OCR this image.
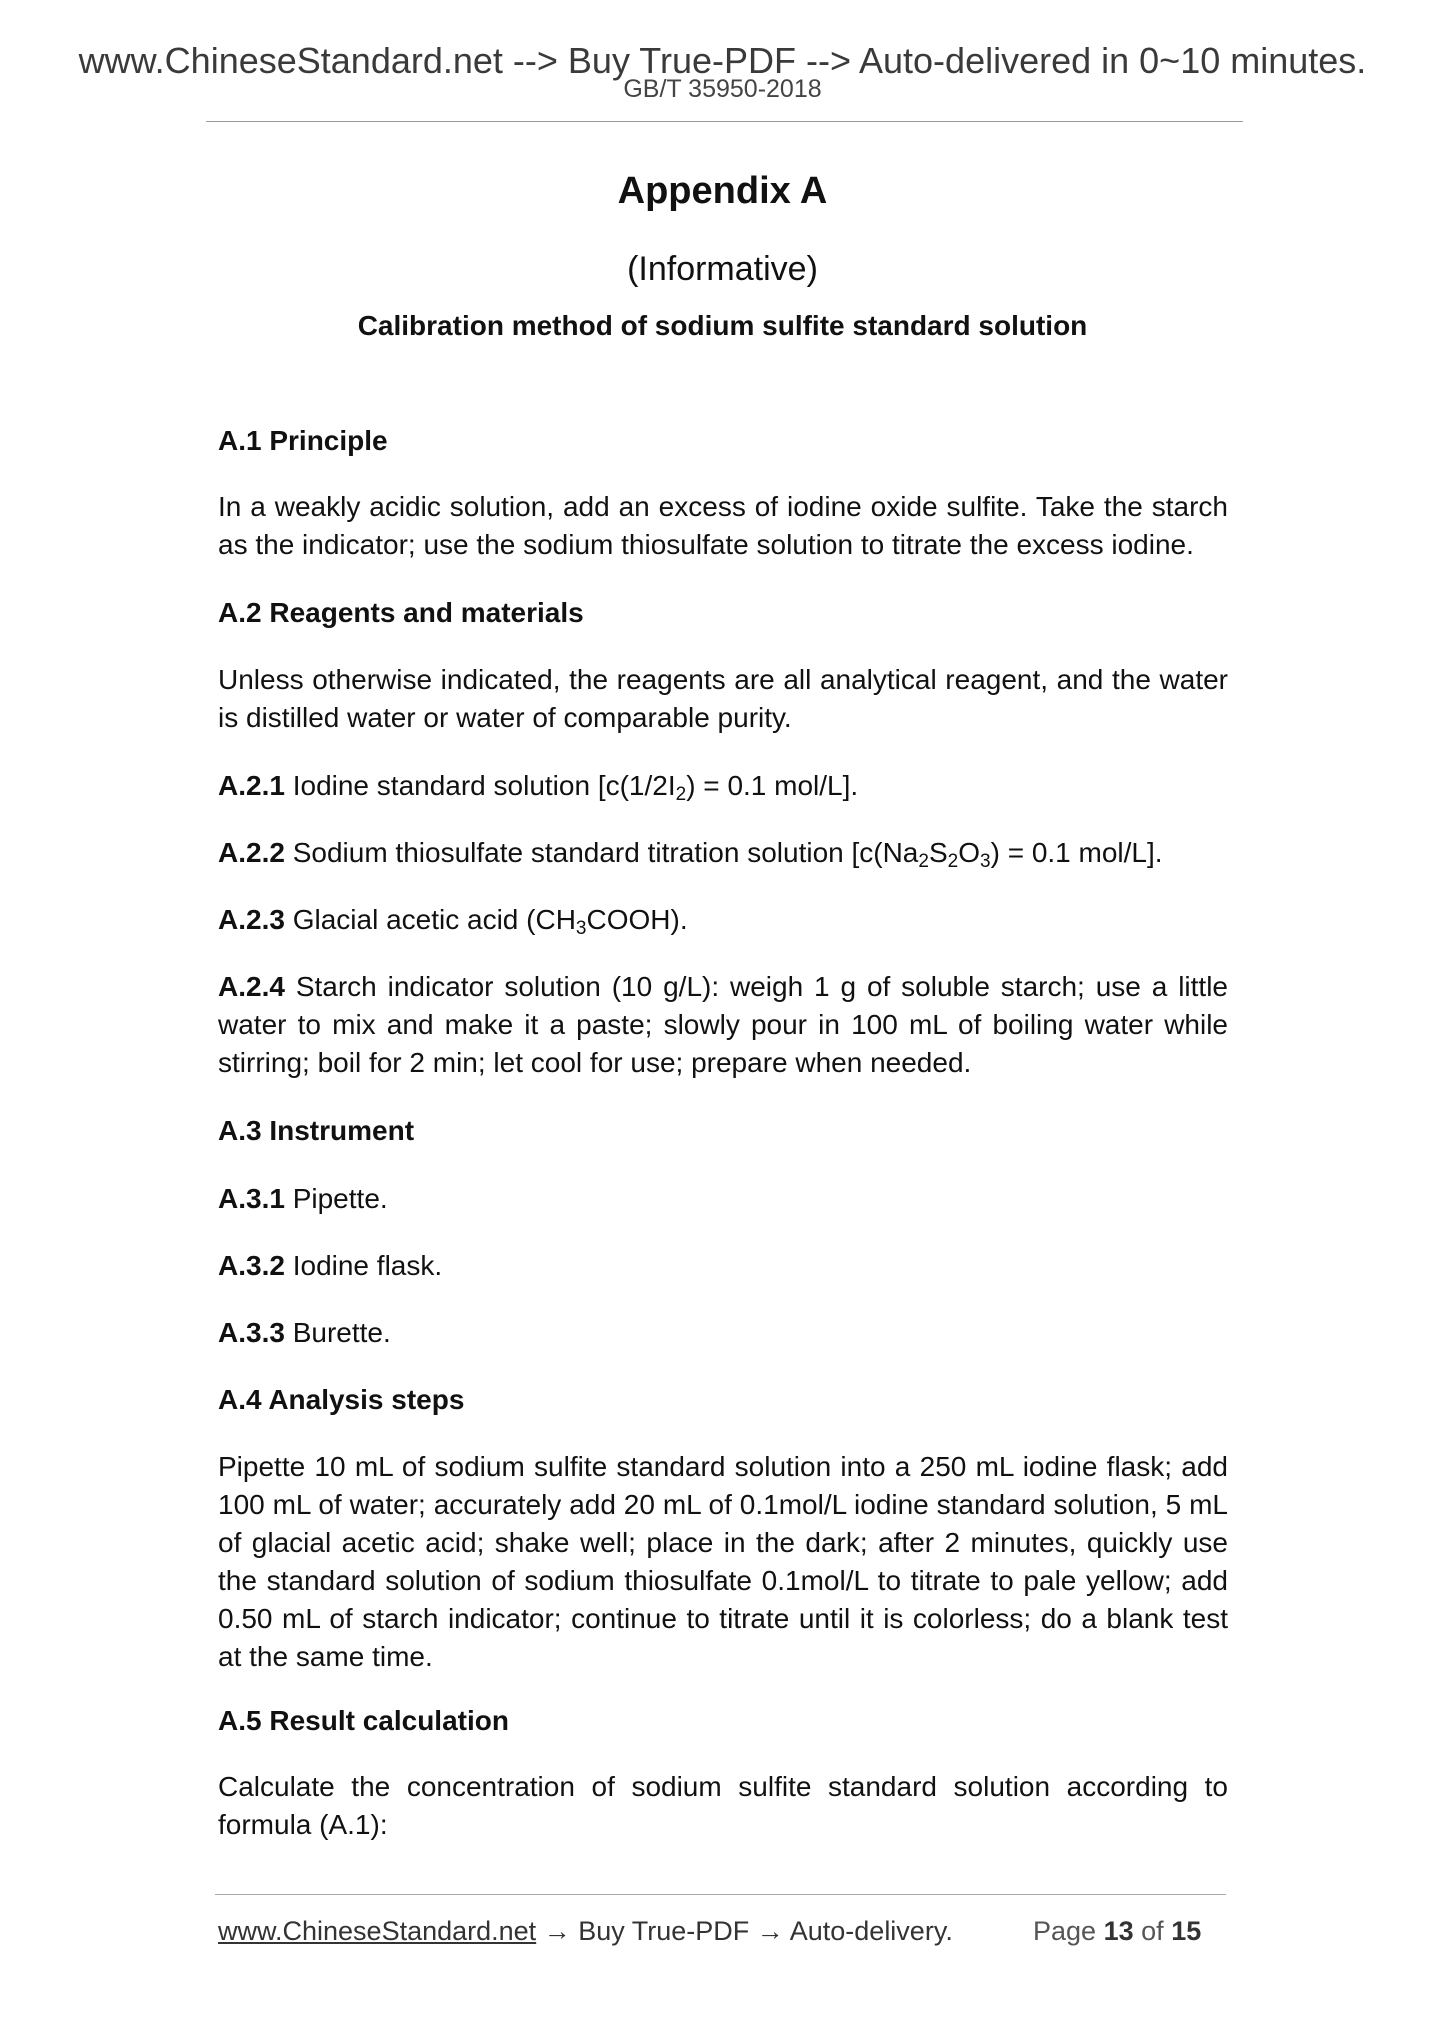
www.ChineseStandard.net --> Buy True-PDF --> Auto-delivered in 0~10 minutes.
GB/T 35950-2018
Appendix A
(Informative)
Calibration method of sodium sulfite standard solution
A.1 Principle
In a weakly acidic solution, add an excess of iodine oxide sulfite. Take the starch as the indicator; use the sodium thiosulfate solution to titrate the excess iodine.
A.2 Reagents and materials
Unless otherwise indicated, the reagents are all analytical reagent, and the water is distilled water or water of comparable purity.
A.2.1 Iodine standard solution [$c(1/2I_2) = 0.1$ mol/L].
A.2.2 Sodium thiosulfate standard titration solution [$c(Na_2S_2O_3) = 0.1$ mol/L].
A.2.3 Glacial acetic acid $(CH_3COOH)$.
A.2.4 Starch indicator solution (10 g/L): weigh 1 g of soluble starch; use a little water to mix and make it a paste; slowly pour in 100 mL of boiling water while stirring; boil for 2 min; let cool for use; prepare when needed.
A.3 Instrument
A.3.1 Pipette.
A.3.2 Iodine flask.
A.3.3 Burette.
A.4 Analysis steps
Pipette 10 mL of sodium sulfite standard solution into a 250 mL iodine flask; add 100 mL of water; accurately add 20 mL of 0.1mol/L iodine standard solution, 5 mL of glacial acetic acid; shake well; place in the dark; after 2 minutes, quickly use the standard solution of sodium thiosulfate 0.1mol/L to titrate to pale yellow; add 0.50 mL of starch indicator; continue to titrate until it is colorless; do a blank test at the same time.
A.5 Result calculation
Calculate the concentration of sodium sulfite standard solution according to formula (A.1):
www.ChineseStandard.net → Buy True-PDF → Auto-delivery.	Page 13 of 15
